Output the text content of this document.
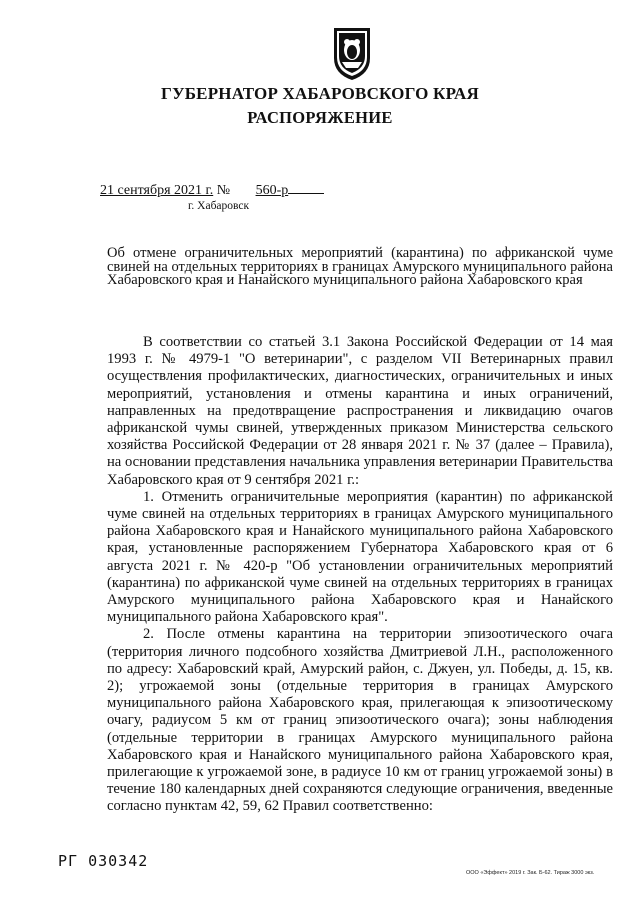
ГУБЕРНАТОР ХАБАРОВСКОГО КРАЯ
РАСПОРЯЖЕНИЕ
21 сентября 2021 г. № 560-р
г. Хабаровск
Об отмене ограничительных мероприятий (карантина) по африканской чуме свиней на отдельных территориях в границах Амурского муниципального района Хабаровского края и Нанайского муниципального района Хабаровского края

В соответствии со статьей 3.1 Закона Российской Федерации от 14 мая 1993 г. № 4979-1 "О ветеринарии", с разделом VII Ветеринарных правил осуществления профилактических, диагностических, ограничительных и иных мероприятий, установления и отмены карантина и иных ограничений, направленных на предотвращение распространения и ликвидацию очагов африканской чумы свиней, утвержденных приказом Министерства сельского хозяйства Российской Федерации от 28 января 2021 г. № 37 (далее – Правила), на основании представления начальника управления ветеринарии Правительства Хабаровского края от 9 сентября 2021 г.:

1. Отменить ограничительные мероприятия (карантин) по африканской чуме свиней на отдельных территориях в границах Амурского муниципального района Хабаровского края и Нанайского муниципального района Хабаровского края, установленные распоряжением Губернатора Хабаровского края от 6 августа 2021 г. № 420-р "Об установлении ограничительных мероприятий (карантина) по африканской чуме свиней на отдельных территориях в границах Амурского муниципального района Хабаровского края и Нанайского муниципального района Хабаровского края".

2. После отмены карантина на территории эпизоотического очага (территория личного подсобного хозяйства Дмитриевой Л.Н., расположенного по адресу: Хабаровский край, Амурский район, с. Джуен, ул. Победы, д. 15, кв. 2); угрожаемой зоны (отдельные территория в границах Амурского муниципального района Хабаровского края, прилегающая к эпизоотическому очагу, радиусом 5 км от границ эпизоотического очага); зоны наблюдения (отдельные территории в границах Амурского муниципального района Хабаровского края и Нанайского муниципального района Хабаровского края, прилегающие к угрожаемой зоне, в радиусе 10 км от границ угрожаемой зоны) в течение 180 календарных дней сохраняются следующие ограничения, введенные согласно пунктам 42, 59, 62 Правил соответственно:

РГ 030342
ООО «Эффект» 2019 г. Зак. Б-62. Тираж 3000 экз.
